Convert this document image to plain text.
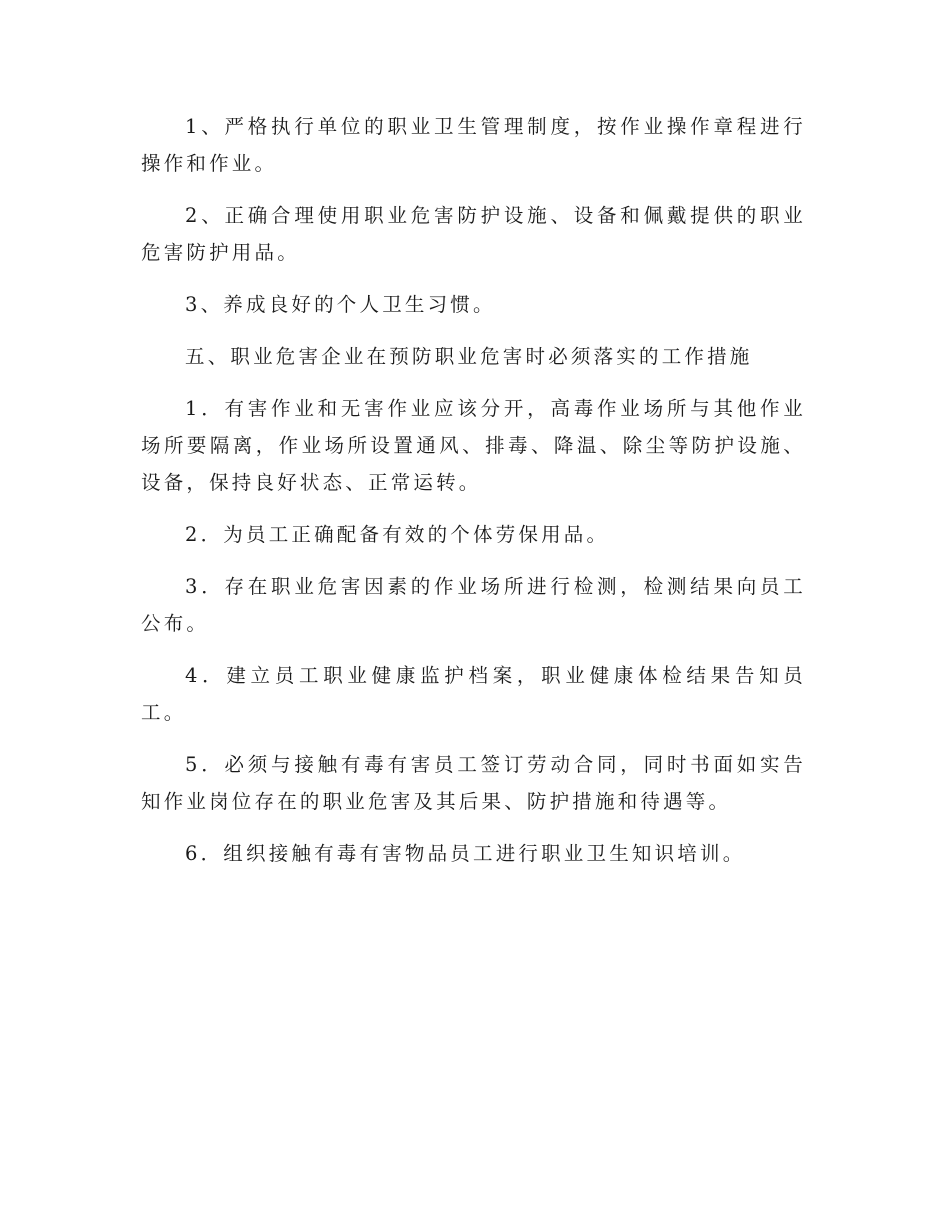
1、严格执行单位的职业卫生管理制度，按作业操作章程进行操作和作业。

2、正确合理使用职业危害防护设施、设备和佩戴提供的职业危害防护用品。

3、养成良好的个人卫生习惯。

五、职业危害企业在预防职业危害时必须落实的工作措施

1．有害作业和无害作业应该分开，高毒作业场所与其他作业场所要隔离，作业场所设置通风、排毒、降温、除尘等防护设施、设备，保持良好状态、正常运转。

2．为员工正确配备有效的个体劳保用品。

3．存在职业危害因素的作业场所进行检测，检测结果向员工公布。

4．建立员工职业健康监护档案，职业健康体检结果告知员工。

5．必须与接触有毒有害员工签订劳动合同，同时书面如实告知作业岗位存在的职业危害及其后果、防护措施和待遇等。

6．组织接触有毒有害物品员工进行职业卫生知识培训。
